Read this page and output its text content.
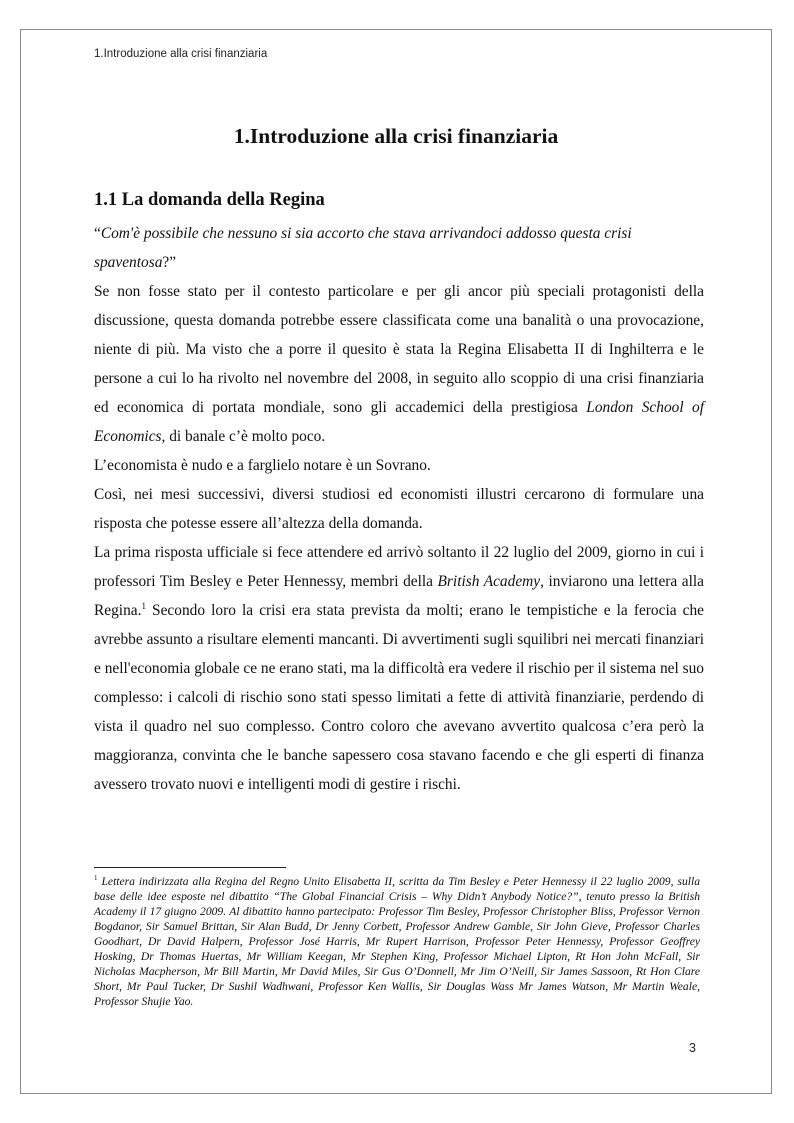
1.Introduzione alla crisi finanziaria
1.Introduzione alla crisi finanziaria
1.1 La domanda della Regina

“Com'è possibile che nessuno si sia accorto che stava arrivandoci addosso questa crisi spaventosa?”

Se non fosse stato per il contesto particolare e per gli ancor più speciali protagonisti della discussione, questa domanda potrebbe essere classificata come una banalità o una provocazione, niente di più. Ma visto che a porre il quesito è stata la Regina Elisabetta II di Inghilterra e le persone a cui lo ha rivolto nel novembre del 2008, in seguito allo scoppio di una crisi finanziaria ed economica di portata mondiale, sono gli accademici della prestigiosa London School of Economics, di banale c’è molto poco.

L’economista è nudo e a farglielo notare è un Sovrano.

Così, nei mesi successivi, diversi studiosi ed economisti illustri cercarono di formulare una risposta che potesse essere all’altezza della domanda.

La prima risposta ufficiale si fece attendere ed arrivò soltanto il 22 luglio del 2009, giorno in cui i professori Tim Besley e Peter Hennessy, membri della British Academy, inviarono una lettera alla Regina.$^1$ Secondo loro la crisi era stata prevista da molti; erano le tempistiche e la ferocia che avrebbe assunto a risultare elementi mancanti. Di avvertimenti sugli squilibri nei mercati finanziari e nell'economia globale ce ne erano stati, ma la difficoltà era vedere il rischio per il sistema nel suo complesso: i calcoli di rischio sono stati spesso limitati a fette di attività finanziarie, perdendo di vista il quadro nel suo complesso. Contro coloro che avevano avvertito qualcosa c’era però la maggioranza, convinta che le banche sapessero cosa stavano facendo e che gli esperti di finanza avessero trovato nuovi e intelligenti modi di gestire i rischi.

$^1$ Lettera indirizzata alla Regina del Regno Unito Elisabetta II, scritta da Tim Besley e Peter Hennessy il 22 luglio 2009, sulla base delle idee esposte nel dibattito “The Global Financial Crisis – Why Didn’t Anybody Notice?”, tenuto presso la British Academy il 17 giugno 2009. Al dibattito hanno partecipato: Professor Tim Besley, Professor Christopher Bliss, Professor Vernon Bogdanor, Sir Samuel Brittan, Sir Alan Budd, Dr Jenny Corbett, Professor Andrew Gamble, Sir John Gieve, Professor Charles Goodhart, Dr David Halpern, Professor José Harris, Mr Rupert Harrison, Professor Peter Hennessy, Professor Geoffrey Hosking, Dr Thomas Huertas, Mr William Keegan, Mr Stephen King, Professor Michael Lipton, Rt Hon John McFall, Sir Nicholas Macpherson, Mr Bill Martin, Mr David Miles, Sir Gus O’Donnell, Mr Jim O’Neill, Sir James Sassoon, Rt Hon Clare Short, Mr Paul Tucker, Dr Sushil Wadhwani, Professor Ken Wallis, Sir Douglas Wass Mr James Watson, Mr Martin Weale, Professor Shujie Yao.

3
